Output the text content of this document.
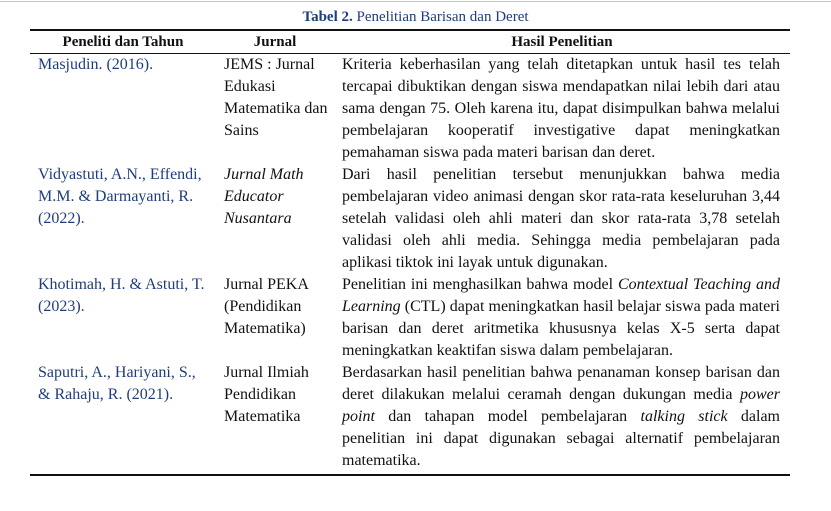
Tabel 2. Penelitian Barisan dan Deret
Peneliti dan Tahun	Jurnal	Hasil Penelitian
Masjudin. (2016).	JEMS : Jurnal Edukasi Matematika dan Sains	Kriteria keberhasilan yang telah ditetapkan untuk hasil tes telah tercapai dibuktikan dengan siswa mendapatkan nilai lebih dari atau sama dengan 75. Oleh karena itu, dapat disimpulkan bahwa melalui pembelajaran kooperatif investigative dapat meningkatkan pemahaman siswa pada materi barisan dan deret.
Vidyastuti, A.N., Effendi, M.M. & Darmayanti, R. (2022).	Jurnal Math Educator Nusantara	Dari hasil penelitian tersebut menunjukkan bahwa media pembelajaran video animasi dengan skor rata-rata keseluruhan 3,44 setelah validasi oleh ahli materi dan skor rata-rata 3,78 setelah validasi oleh ahli media. Sehingga media pembelajaran pada aplikasi tiktok ini layak untuk digunakan.
Khotimah, H. & Astuti, T. (2023).	Jurnal PEKA (Pendidikan Matematika)	Penelitian ini menghasilkan bahwa model Contextual Teaching and Learning (CTL) dapat meningkatkan hasil belajar siswa pada materi barisan dan deret aritmetika khususnya kelas X-5 serta dapat meningkatkan keaktifan siswa dalam pembelajaran.
Saputri, A., Hariyani, S., & Rahaju, R. (2021).	Jurnal Ilmiah Pendidikan Matematika	Berdasarkan hasil penelitian bahwa penanaman konsep barisan dan deret dilakukan melalui ceramah dengan dukungan media power point dan tahapan model pembelajaran talking stick dalam penelitian ini dapat digunakan sebagai alternatif pembelajaran matematika.
